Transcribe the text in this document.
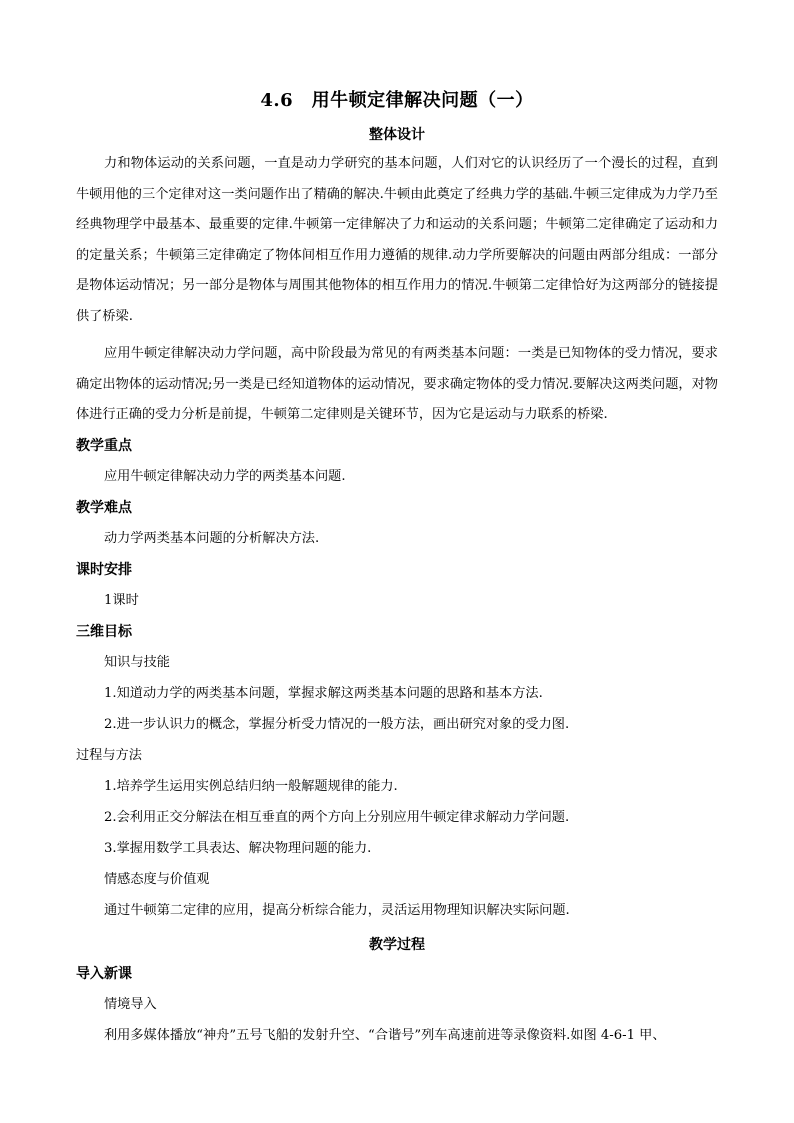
4.6　用牛顿定律解决问题（一）
整体设计

力和物体运动的关系问题，一直是动力学研究的基本问题，人们对它的认识经历了一个漫长的过程，直到牛顿用他的三个定律对这一类问题作出了精确的解决.牛顿由此奠定了经典力学的基础.牛顿三定律成为力学乃至经典物理学中最基本、最重要的定律.牛顿第一定律解决了力和运动的关系问题；牛顿第二定律确定了运动和力的定量关系；牛顿第三定律确定了物体间相互作用力遵循的规律.动力学所要解决的问题由两部分组成：一部分是物体运动情况；另一部分是物体与周围其他物体的相互作用力的情况.牛顿第二定律恰好为这两部分的链接提供了桥梁.

应用牛顿定律解决动力学问题，高中阶段最为常见的有两类基本问题：一类是已知物体的受力情况，要求确定出物体的运动情况;另一类是已经知道物体的运动情况，要求确定物体的受力情况.要解决这两类问题，对物体进行正确的受力分析是前提，牛顿第二定律则是关键环节，因为它是运动与力联系的桥梁.

教学重点
应用牛顿定律解决动力学的两类基本问题.
教学难点
动力学两类基本问题的分析解决方法.
课时安排
1课时
三维目标
知识与技能
1.知道动力学的两类基本问题，掌握求解这两类基本问题的思路和基本方法.
2.进一步认识力的概念，掌握分析受力情况的一般方法，画出研究对象的受力图.
过程与方法
1.培养学生运用实例总结归纳一般解题规律的能力.
2.会利用正交分解法在相互垂直的两个方向上分别应用牛顿定律求解动力学问题.
3.掌握用数学工具表达、解决物理问题的能力.
情感态度与价值观
通过牛顿第二定律的应用，提高分析综合能力，灵活运用物理知识解决实际问题.
教学过程
导入新课
情境导入
利用多媒体播放“神舟”五号飞船的发射升空、“合谐号”列车高速前进等录像资料.如图 4-6-1 甲、
